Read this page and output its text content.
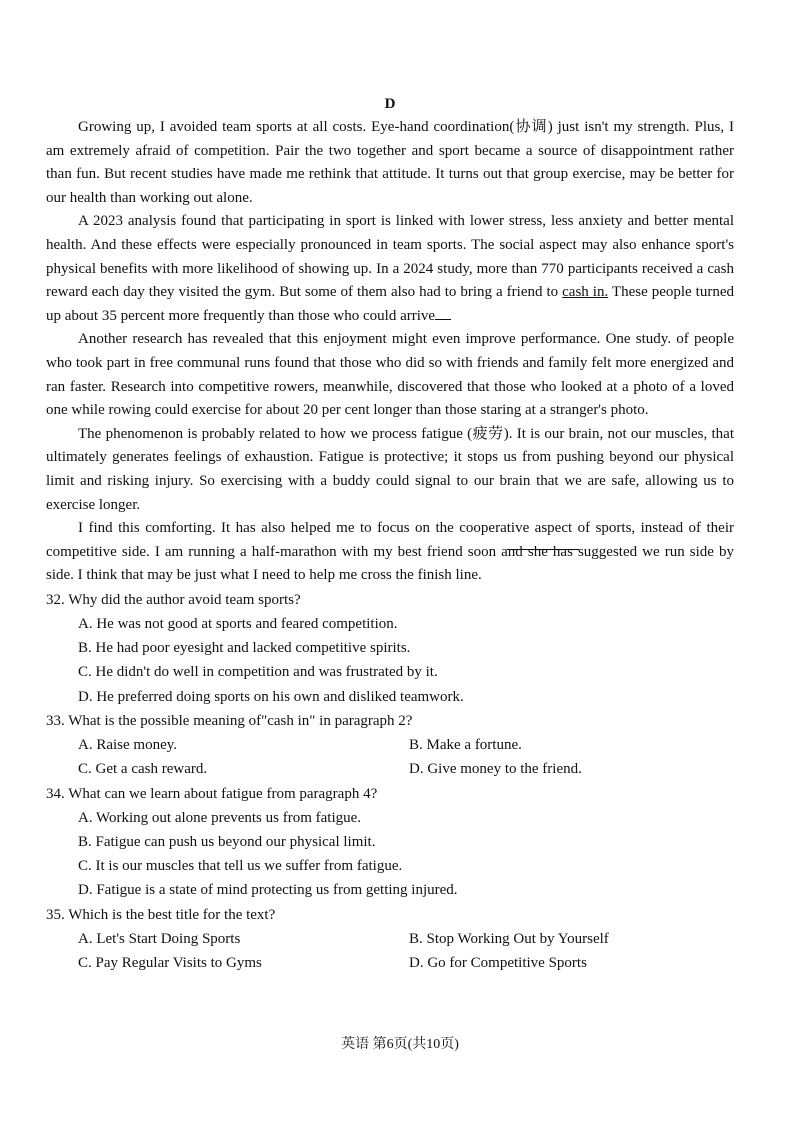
D

Growing up, I avoided team sports at all costs. Eye-hand coordination(协调) just isn't my strength. Plus, I am extremely afraid of competition. Pair the two together and sport became a source of disappointment rather than fun. But recent studies have made me rethink that attitude. It turns out that group exercise, may be better for our health than working out alone.

A 2023 analysis found that participating in sport is linked with lower stress, less anxiety and better mental health. And these effects were especially pronounced in team sports. The social aspect may also enhance sport's physical benefits with more likelihood of showing up. In a 2024 study, more than 770 participants received a cash reward each day they visited the gym. But some of them also had to bring a friend to cash in. These people turned up about 35 percent more frequently than those who could arrive

Another research has revealed that this enjoyment might even improve performance. One study. of people who took part in free communal runs found that those who did so with friends and family felt more energized and ran faster. Research into competitive rowers, meanwhile, discovered that those who looked at a photo of a loved one while rowing could exercise for about 20 per cent longer than those staring at a stranger's photo.

The phenomenon is probably related to how we process fatigue (疲劳). It is our brain, not our muscles, that ultimately generates feelings of exhaustion. Fatigue is protective; it stops us from pushing beyond our physical limit and risking injury. So exercising with a buddy could signal to our brain that we are safe, allowing us to exercise longer.

I find this comforting. It has also helped me to focus on the cooperative aspect of sports, instead of their competitive side. I am running a half-marathon with my best friend soon and she has suggested we run side by side. I think that may be just what I need to help me cross the finish line.

32. Why did the author avoid team sports?

A. He was not good at sports and feared competition.

B. He had poor eyesight and lacked competitive spirits.

C. He didn't do well in competition and was frustrated by it.

D. He preferred doing sports on his own and disliked teamwork.

33. What is the possible meaning of"cash in" in paragraph 2?

A. Raise money.	B. Make a fortune.
C. Get a cash reward.	D. Give money to the friend.

34. What can we learn about fatigue from paragraph 4?

A. Working out alone prevents us from fatigue.

B. Fatigue can push us beyond our physical limit.

C. It is our muscles that tell us we suffer from fatigue.

D. Fatigue is a state of mind protecting us from getting injured.

35. Which is the best title for the text?

A. Let's Start Doing Sports	B. Stop Working Out by Yourself
C. Pay Regular Visits to Gyms	D. Go for Competitive Sports
英语 第6页(共10页)
